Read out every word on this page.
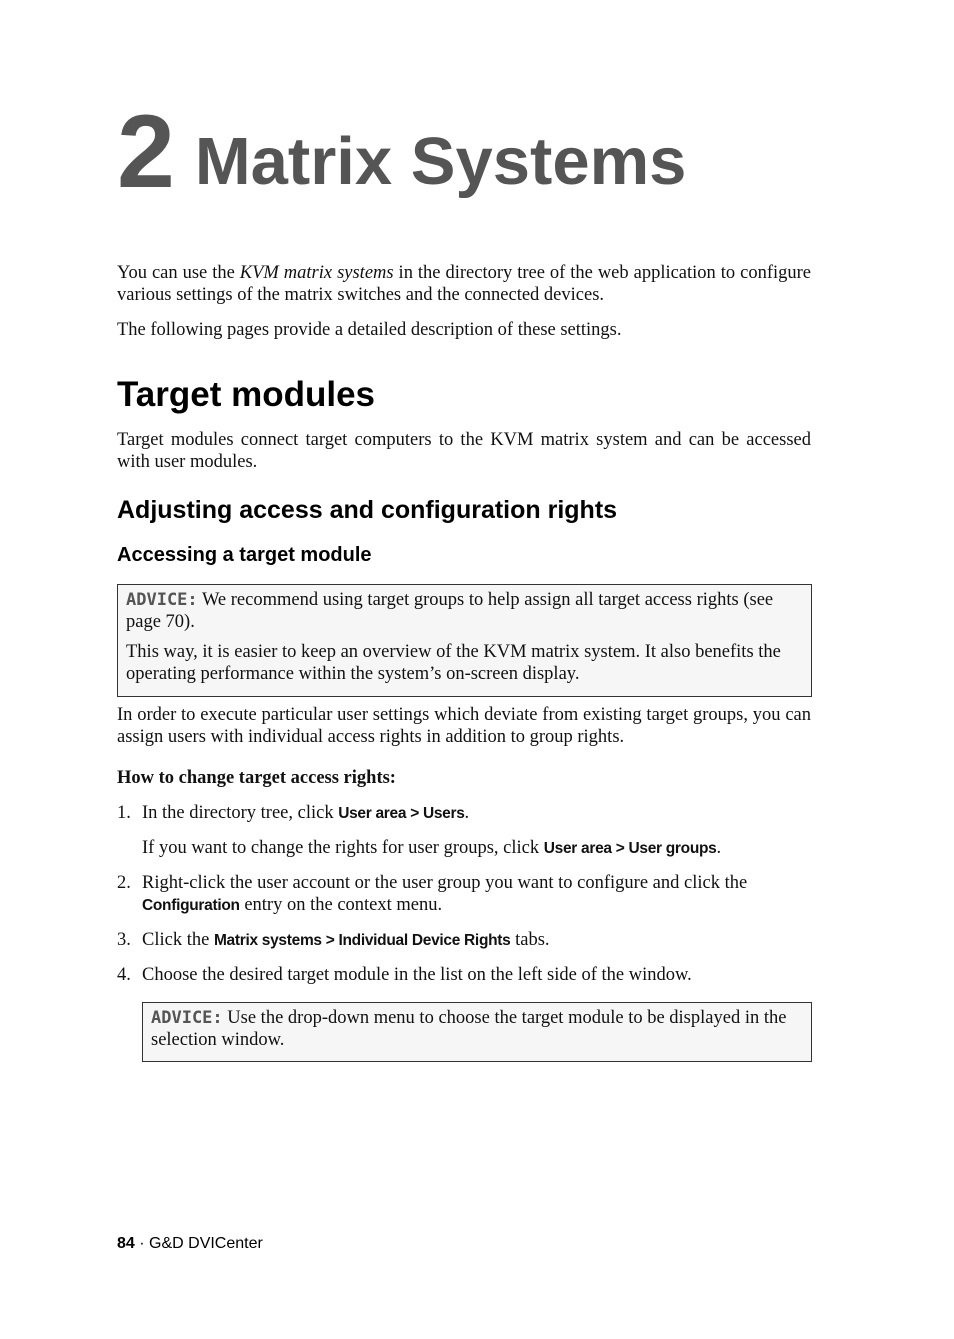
2 Matrix Systems

You can use the KVM matrix systems in the directory tree of the web application to configure various settings of the matrix switches and the connected devices.

The following pages provide a detailed description of these settings.

Target modules

Target modules connect target computers to the KVM matrix system and can be accessed with user modules.

Adjusting access and configuration rights
Accessing a target module

ADVICE: We recommend using target groups to help assign all target access rights (see page 70).

This way, it is easier to keep an overview of the KVM matrix system. It also benefits the operating performance within the system’s on-screen display.

In order to execute particular user settings which deviate from existing target groups, you can assign users with individual access rights in addition to group rights.

How to change target access rights:

1. In the directory tree, click User area > Users.
If you want to change the rights for user groups, click User area > User groups.
2. Right-click the user account or the user group you want to configure and click the Configuration entry on the context menu.
3. Click the Matrix systems > Individual Device Rights tabs.
4. Choose the desired target module in the list on the left side of the window.

ADVICE: Use the drop-down menu to choose the target module to be displayed in the selection window.

84 · G&D DVICenter
